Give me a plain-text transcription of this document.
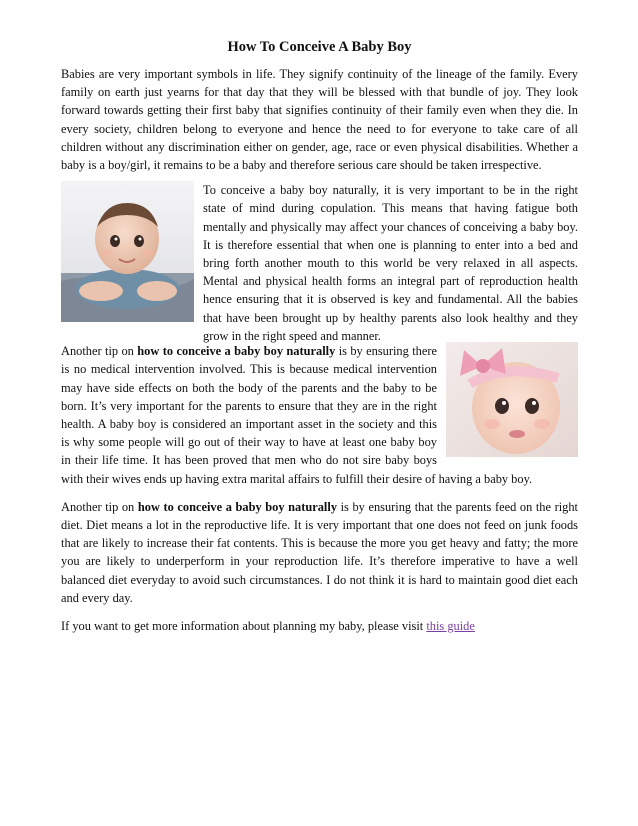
How To Conceive A Baby Boy

Babies are very important symbols in life. They signify continuity of the lineage of the family. Every family on earth just yearns for that day that they will be blessed with that bundle of joy. They look forward towards getting their first baby that signifies continuity of their family even when they die. In every society, children belong to everyone and hence the need to for everyone to take care of all children without any discrimination either on gender, age, race or even physical disabilities. Whether a baby is a boy/girl, it remains to be a baby and therefore serious care should be taken irrespective.

To conceive a baby boy naturally, it is very important to be in the right state of mind during copulation. This means that having fatigue both mentally and physically may affect your chances of conceiving a baby boy. It is therefore essential that when one is planning to enter into a bed and bring forth another mouth to this world be very relaxed in all aspects. Mental and physical health forms an integral part of reproduction health hence ensuring that it is observed is key and fundamental. All the babies that have been brought up by healthy parents also look healthy and they grow in the right speed and manner.

Another tip on how to conceive a baby boy naturally is by ensuring there is no medical intervention involved. This is because medical intervention may have side effects on both the body of the parents and the baby to be born. It’s very important for the parents to ensure that they are in the right health. A baby boy is considered an important asset in the society and this is why some people will go out of their way to have at least one baby boy in their life time. It has been proved that men who do not sire baby boys with their wives ends up having extra marital affairs to fulfill their desire of having a baby boy.

Another tip on how to conceive a baby boy naturally is by ensuring that the parents feed on the right diet. Diet means a lot in the reproductive life. It is very important that one does not feed on junk foods that are likely to increase their fat contents. This is because the more you get heavy and fatty; the more you are likely to underperform in your reproduction life. It’s therefore imperative to have a well balanced diet everyday to avoid such circumstances. I do not think it is hard to maintain good diet each and every day.

If you want to get more information about planning my baby, please visit this guide
